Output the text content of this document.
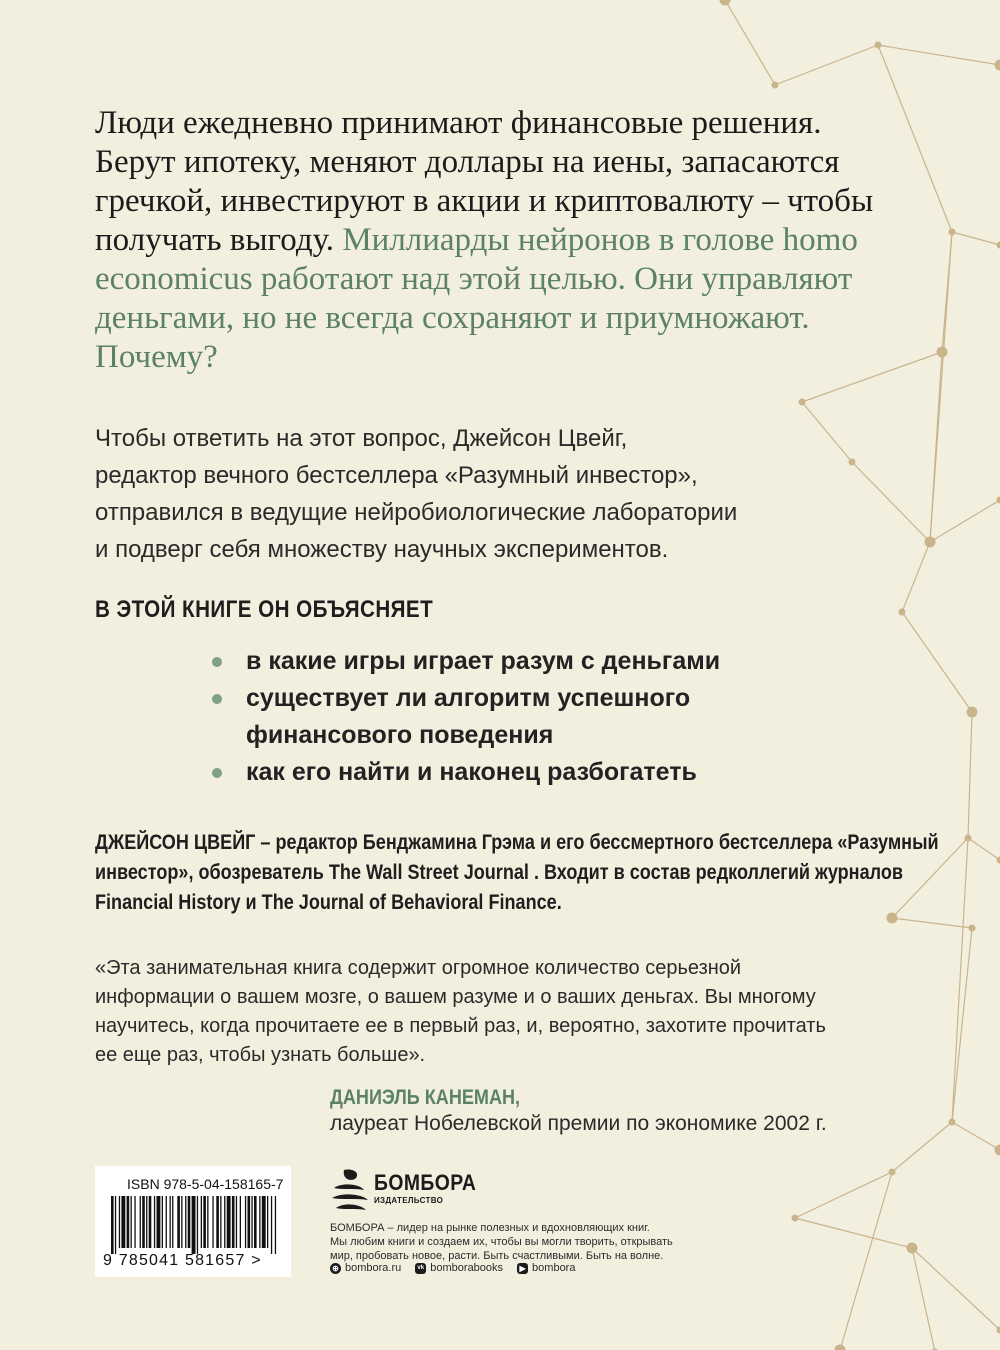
Люди ежедневно принимают финансовые решения.
Берут ипотеку, меняют доллары на иены, запасаются
гречкой, инвестируют в акции и криптовалюту – чтобы
получать выгоду. Миллиарды нейронов в голове homo
economicus работают над этой целью. Они управляют
деньгами, но не всегда сохраняют и приумножают.
Почему?

Чтобы ответить на этот вопрос, Джейсон Цвейг,
редактор вечного бестселлера «Разумный инвестор»,
отправился в ведущие нейробиологические лаборатории
и подверг себя множеству научных экспериментов.

В ЭТОЙ КНИГЕ ОН ОБЪЯСНЯЕТ
в какие игры играет разум с деньгами
существует ли алгоритм успешного
финансового поведения
как его найти и наконец разбогатеть

ДЖЕЙСОН ЦВЕЙГ – редактор Бенджамина Грэма и его бессмертного бестселлера «Разумный
инвестор», обозреватель The Wall Street Journal . Входит в состав редколлегий журналов
Financial History и The Journal of Behavioral Finance.

«Эта занимательная книга содержит огромное количество серьезной
информации о вашем мозге, о вашем разуме и о ваших деньгах. Вы многому
научитесь, когда прочитаете ее в первый раз, и, вероятно, захотите прочитать
ее еще раз, чтобы узнать больше».

ДАНИЭЛЬ КАНЕМАН,
лауреат Нобелевской премии по экономике 2002 г.
ISBN 978-5-04-158165-7
9 785041 581657 >
БОМБОРА
ИЗДАТЕЛЬСТВО

БОМБОРА – лидер на рынке полезных и вдохновляющих книг.
Мы любим книги и создаем их, чтобы вы могли творить, открывать
мир, пробовать новое, расти. Быть счастливыми. Быть на волне.

⊕ bombora.ru	vk bomborabooks	▶ bombora
